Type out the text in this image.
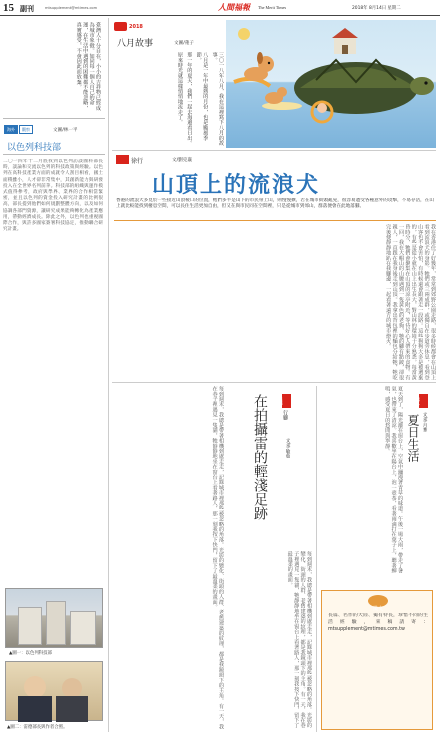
15 副刊	mtsupplement@mtimes.com	人間福報 The Merit Times	2018年 8月14日 星期二
臺灣人十分自在，小小的吉祥物已經成為城市象徵。如同每一個人自己的命運，在生活中遇到的困難都不能忽略，真實感受，不會因此而放棄。
海外	觀察	文圖/林一平
以色列科技部
二〇一四年十二月底我到以色列訪談國科部長時，談論和交流以色列的科技政策與經驗。以色列在高科技產業方面的成就令人刮目相看，國土面積雖小，人才卻非常集中，其創新能力與研發投入在全世界名列前茅。科技部的組織與運作模式值得參考，政府與學界、業界的合作相當緊密，並且以色列的資金投入研究計畫的比例很高，部長提到他們如何規劃整體方向，以及如何協調各部門資源，讓研究成果能夠轉化為產業應用，帶動經濟成長。除此之外，以色列也重視國際合作，與許多國家簽署科技協定，推動聯合研究計畫。
▲圖一：以色列科技部
▲圖二：雷德部長與作者合照。
8
2018
八月故事	文圖/蓮子
三〇一八年八月，我在這裡寫下八月的故事。
八月是一年中最熱的月份，也是颱風季節。
那一年的夏天，我們一起去海邊看日出。
原來時光就這樣悄悄地流走了。
小說
徐行	文/劉克襄
山頂上的流浪犬
香港的流浪犬多見於一些接近山頂稜口的位置，牠們多半是山下的市民帶上山，則慢慢擴，若在城市街頭亂晃，很容易遭受各種意外的攻擊，不易存活，在山上就比較能找到棲息空間，可以長住生活更加自由，但又在與市民同在空間裡，只是從城市到郊山，群落便會在此地落腳。
我在香港住了好幾年，常常到郊野公園走路，很多時候都會在山頂上看到流浪犬的身影。牠們或三兩成群，或獨自在步道旁休息，看到登山客也不會害怕，有時候還會跟著走一段路。這些狗狗大多是被遺棄的，有些是從小就在山上出生長大，對山林的環境十分熟悉。每當黃昏時分，牠們會聚集在山頂的涼亭附近，等待好心人帶來的食物。有一回，我在大帽山的山腰遇到一隻黃色的老狗，牠的腳有點跛，卻很親人，一直跟在我身後走到山頂。我拿出背包裡的麵包分給牠，牠吃完後便靜靜地趴在我腳邊，一起看著遠方的城市燈火。
每到週末，我總是帶著相機到處走走，記錄城市裡那些被忽略的角落。光影的變化、街頭的人群、老舊建築的紋理，都是我鏡頭下的主角。有一天，我在巷子裡遇見一隻貓，牠靜靜地坐在窗台上看著路人，那一刻我按下快門，留下了最溫柔的畫面。	生活
行腳
在拍攝雷的輕淺足跡	文/李敏茹
每到週末，我總是帶著相機到處走走，記錄城市裡那些被忽略的角落。光影的變化、街頭的人群、老舊建築的紋理，都是我鏡頭下的主角。有一天，我在巷子裡遇見一隻貓，牠靜靜地坐在窗台上看著路人，那一刻我按下快門，留下了最溫柔的畫面。	夏天到了，陽光灑在窗台上，空氣中瀰漫著青草的味道。午後一場大雨，帶走了暑氣，也帶來了清涼。我喜歡坐在陽台上，泡一壺茶，看著雨滴打在葉子上，聽著蟬鳴，感受夏日的悠閒與寧靜。	散文
夏日生活 文/李月華
徵文
長篇、名作的大陸、獨有特長，珍惜不同的生活經驗，來稿請寄：mtsupplement@mtimes.com.tw
